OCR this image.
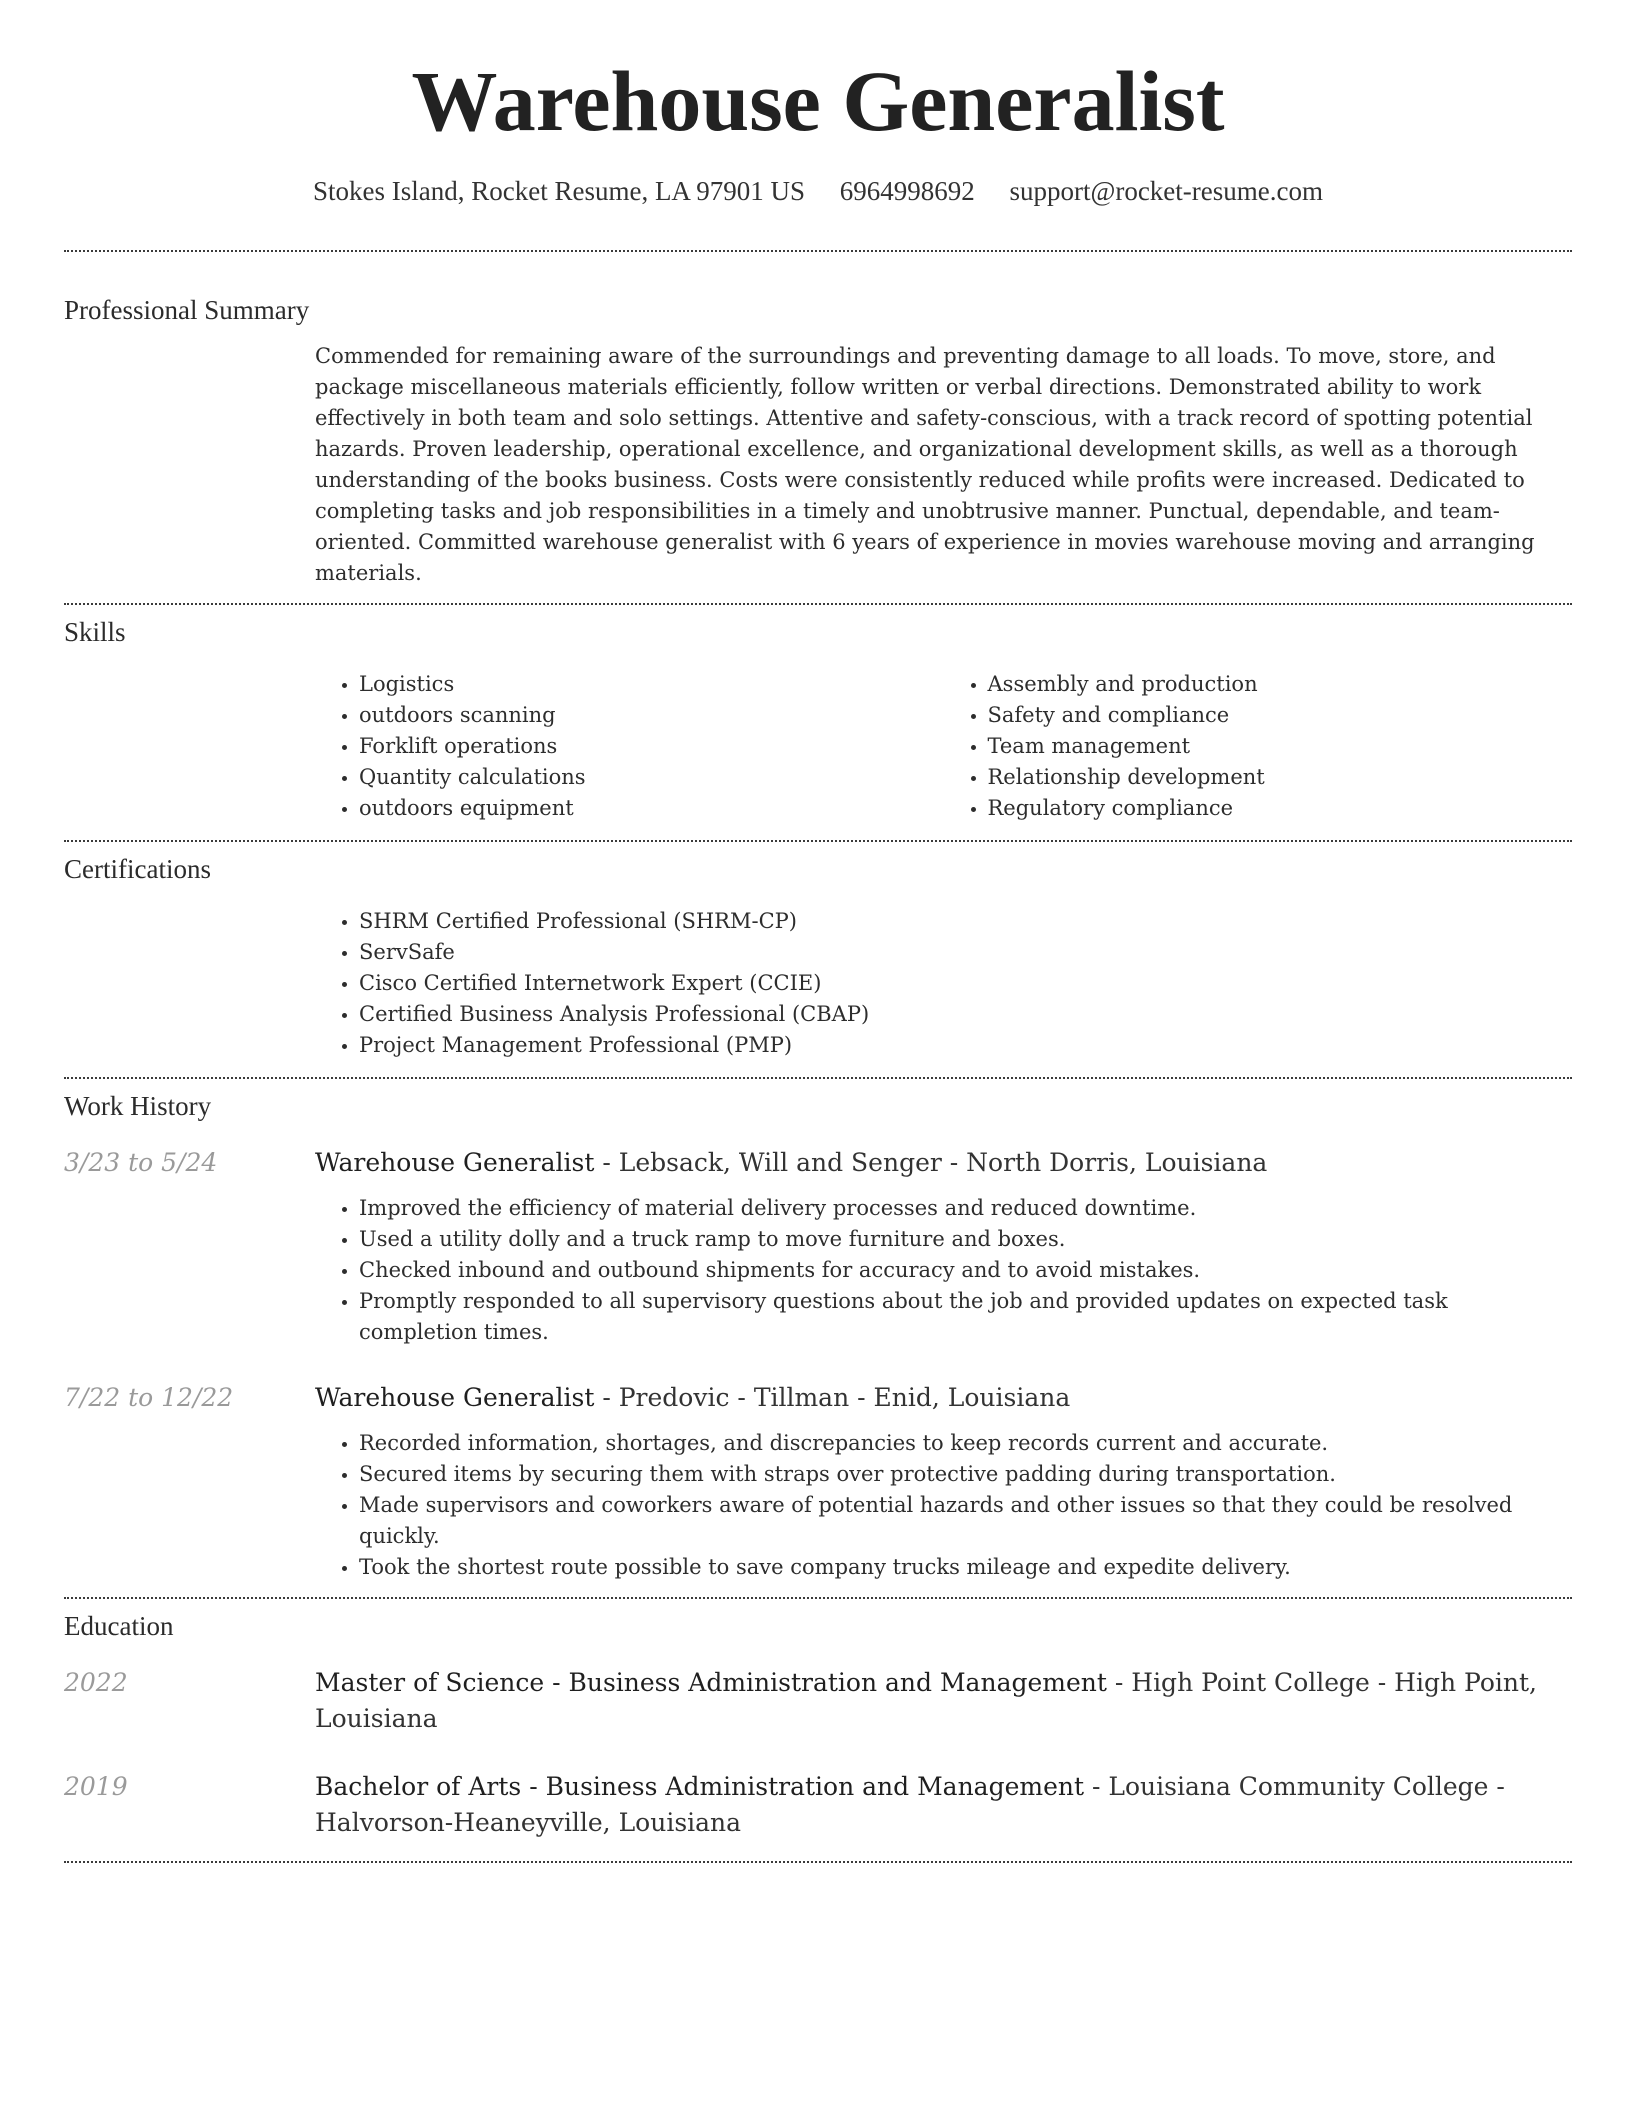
Warehouse Generalist
Stokes Island, Rocket Resume, LA 97901 US 6964998692 support@rocket-resume.com
Professional Summary

Commended for remaining aware of the surroundings and preventing damage to all loads. To move, store, and package miscellaneous materials efficiently, follow written or verbal directions. Demonstrated ability to work effectively in both team and solo settings. Attentive and safety-conscious, with a track record of spotting potential hazards. Proven leadership, operational excellence, and organizational development skills, as well as a thorough understanding of the books business. Costs were consistently reduced while profits were increased. Dedicated to completing tasks and job responsibilities in a timely and unobtrusive manner. Punctual, dependable, and team-oriented. Committed warehouse generalist with 6 years of experience in movies warehouse moving and arranging materials.

Skills
• Logistics
• outdoors scanning
• Forklift operations
• Quantity calculations
• outdoors equipment
• Assembly and production
• Safety and compliance
• Team management
• Relationship development
• Regulatory compliance
Certifications
• SHRM Certified Professional (SHRM-CP)
• ServSafe
• Cisco Certified Internetwork Expert (CCIE)
• Certified Business Analysis Professional (CBAP)
• Project Management Professional (PMP)
Work History
3/23 to 5/24	Warehouse Generalist - Lebsack, Will and Senger - North Dorris, Louisiana
• Improved the efficiency of material delivery processes and reduced downtime.
• Used a utility dolly and a truck ramp to move furniture and boxes.
• Checked inbound and outbound shipments for accuracy and to avoid mistakes.
• Promptly responded to all supervisory questions about the job and provided updates on expected task completion times.
7/22 to 12/22	Warehouse Generalist - Predovic - Tillman - Enid, Louisiana
• Recorded information, shortages, and discrepancies to keep records current and accurate.
• Secured items by securing them with straps over protective padding during transportation.
• Made supervisors and coworkers aware of potential hazards and other issues so that they could be resolved quickly.
• Took the shortest route possible to save company trucks mileage and expedite delivery.
Education
2022	Master of Science - Business Administration and Management - High Point College - High Point, Louisiana
2019	Bachelor of Arts - Business Administration and Management - Louisiana Community College - Halvorson-Heaneyville, Louisiana
